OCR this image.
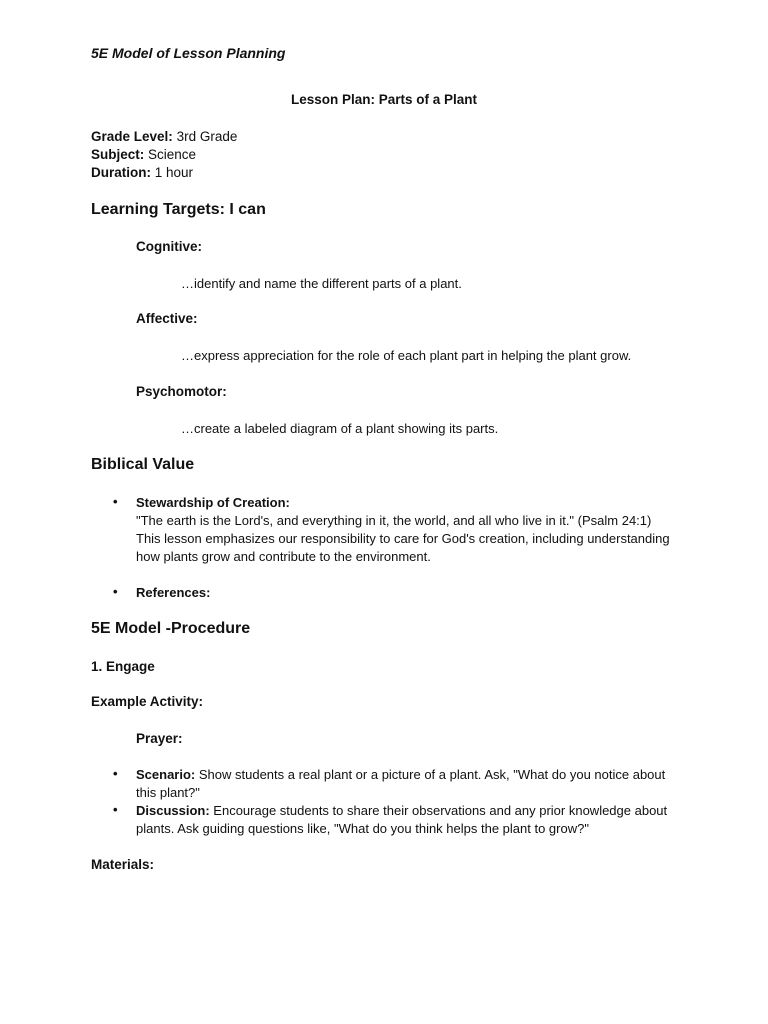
5E Model of Lesson Planning
Lesson Plan: Parts of a Plant
Grade Level: 3rd Grade
Subject: Science
Duration: 1 hour
Learning Targets: I can
Cognitive:
…identify and name the different parts of a plant.
Affective:
…express appreciation for the role of each plant part in helping the plant grow.
Psychomotor:
…create a labeled diagram of a plant showing its parts.
Biblical Value
• Stewardship of Creation:
"The earth is the Lord's, and everything in it, the world, and all who live in it." (Psalm 24:1)
This lesson emphasizes our responsibility to care for God's creation, including understanding how plants grow and contribute to the environment.
• References:
5E Model -Procedure
1. Engage
Example Activity:
Prayer:
• Scenario: Show students a real plant or a picture of a plant. Ask, "What do you notice about this plant?"
• Discussion: Encourage students to share their observations and any prior knowledge about plants. Ask guiding questions like, "What do you think helps the plant to grow?"
Materials:
